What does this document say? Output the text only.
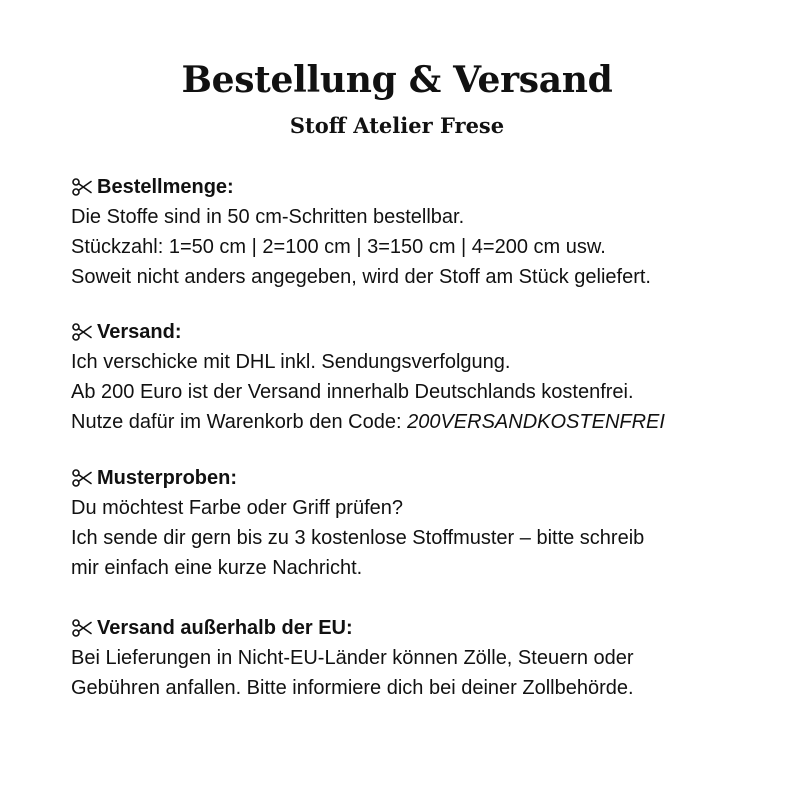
Bestellung & Versand
Stoff Atelier Frese
Bestellmenge:
Die Stoffe sind in 50 cm-Schritten bestellbar.
Stückzahl: 1=50 cm | 2=100 cm | 3=150 cm | 4=200 cm usw.
Soweit nicht anders angegeben, wird der Stoff am Stück geliefert.
Versand:
Ich verschicke mit DHL inkl. Sendungsverfolgung.
Ab 200 Euro ist der Versand innerhalb Deutschlands kostenfrei.
Nutze dafür im Warenkorb den Code: 200VERSANDKOSTENFREI
Musterproben:
Du möchtest Farbe oder Griff prüfen?
Ich sende dir gern bis zu 3 kostenlose Stoffmuster – bitte schreib
mir einfach eine kurze Nachricht.
Versand außerhalb der EU:
Bei Lieferungen in Nicht-EU-Länder können Zölle, Steuern oder
Gebühren anfallen. Bitte informiere dich bei deiner Zollbehörde.
